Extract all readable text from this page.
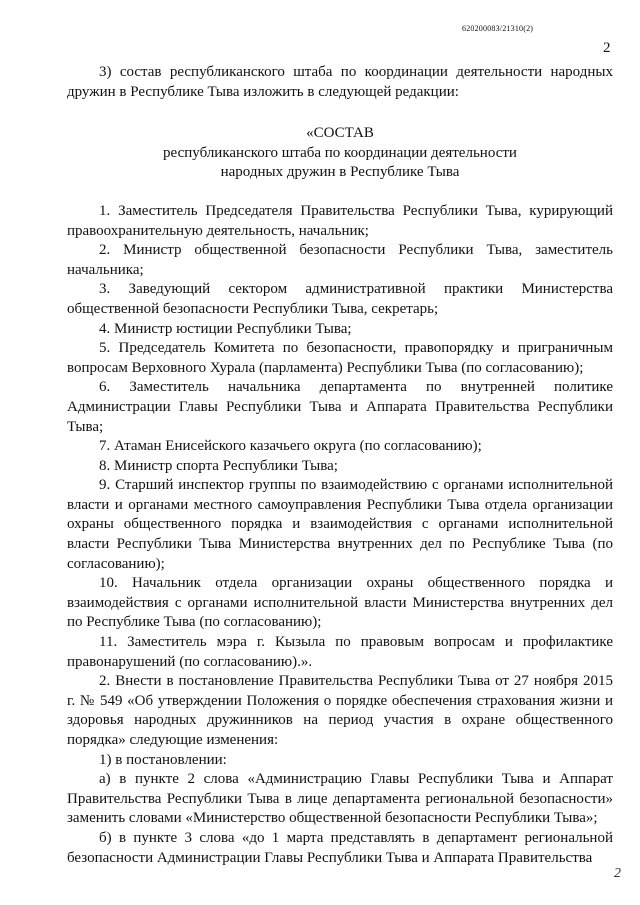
62020008З/21310(2)
2

3) состав республиканского штаба по координации деятельности народных дружин в Республике Тыва изложить в следующей редакции:

«СОСТАВ
республиканского штаба по координации деятельности
народных дружин в Республике Тыва

1. Заместитель Председателя Правительства Республики Тыва, курирующий правоохранительную деятельность, начальник;

2. Министр общественной безопасности Республики Тыва, заместитель начальника;

3. Заведующий сектором административной практики Министерства общественной безопасности Республики Тыва, секретарь;

4. Министр юстиции Республики Тыва;

5. Председатель Комитета по безопасности, правопорядку и приграничным вопросам Верховного Хурала (парламента) Республики Тыва (по согласованию);

6. Заместитель начальника департамента по внутренней политике Администрации Главы Республики Тыва и Аппарата Правительства Республики Тыва;

7. Атаман Енисейского казачьего округа (по согласованию);

8. Министр спорта Республики Тыва;

9. Старший инспектор группы по взаимодействию с органами исполнительной власти и органами местного самоуправления Республики Тыва отдела организации охраны общественного порядка и взаимодействия с органами исполнительной власти Республики Тыва Министерства внутренних дел по Республике Тыва (по согласованию);

10. Начальник отдела организации охраны общественного порядка и взаимодействия с органами исполнительной власти Министерства внутренних дел по Республике Тыва (по согласованию);

11. Заместитель мэра г. Кызыла по правовым вопросам и профилактике правонарушений (по согласованию).».

2. Внести в постановление Правительства Республики Тыва от 27 ноября 2015 г. № 549 «Об утверждении Положения о порядке обеспечения страхования жизни и здоровья народных дружинников на период участия в охране общественного порядка» следующие изменения:

1) в постановлении:

а) в пункте 2 слова «Администрацию Главы Республики Тыва и Аппарат Правительства Республики Тыва в лице департамента региональной безопасности» заменить словами «Министерство общественной безопасности Республики Тыва»;

б) в пункте 3 слова «до 1 марта представлять в департамент региональной безопасности Администрации Главы Республики Тыва и Аппарата Правительства

2
